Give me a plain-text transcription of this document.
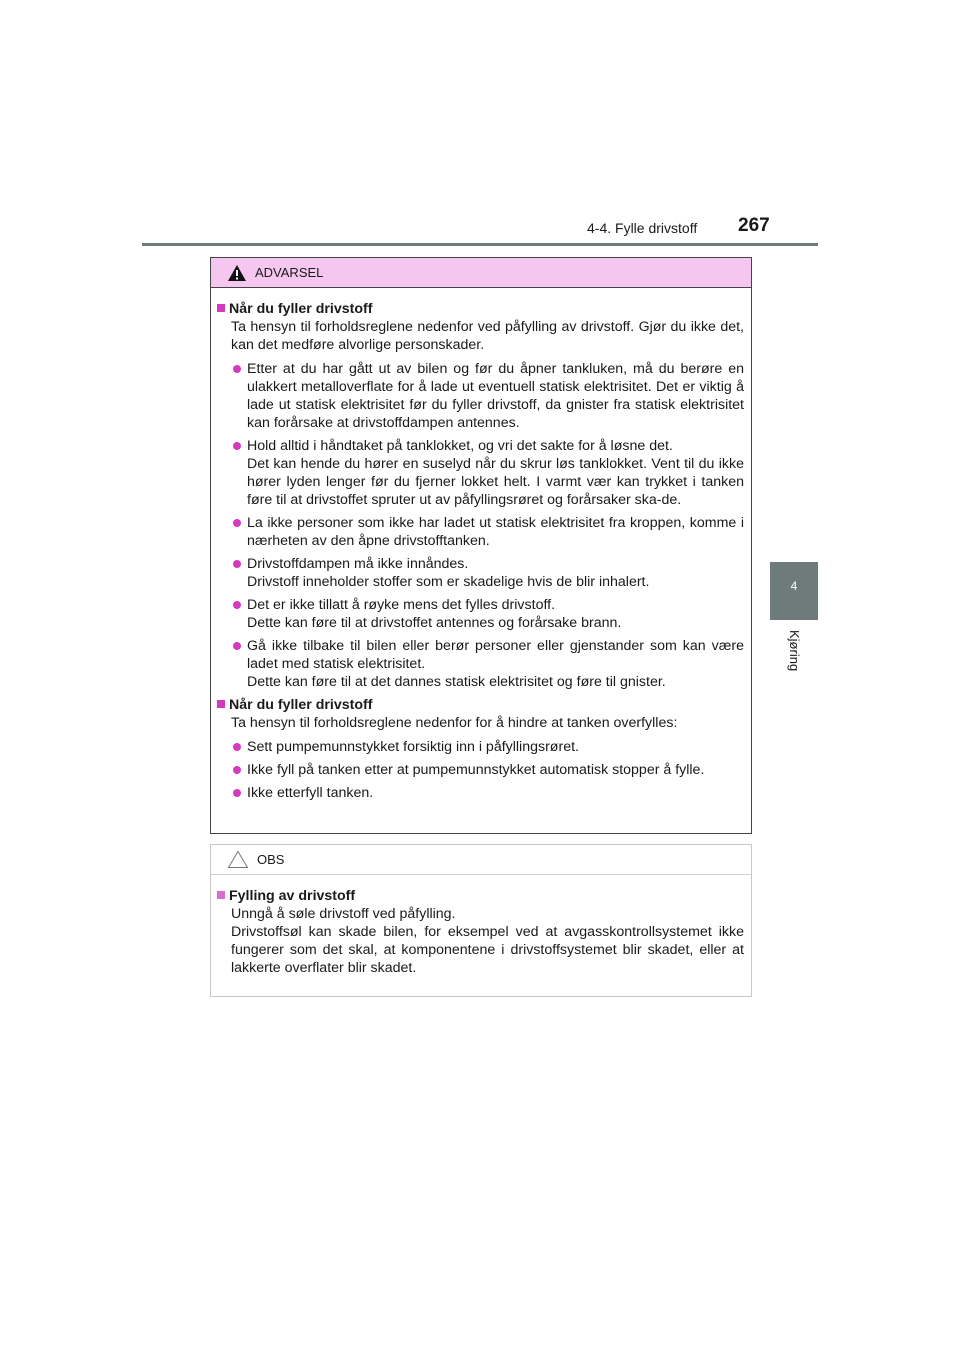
4-4. Fylle drivstoff 267
4
Kjøring
ADVARSEL
Når du fyller drivstoff
Ta hensyn til forholdsreglene nedenfor ved påfylling av drivstoff. Gjør du ikke det, kan det medføre alvorlige personskader.
Etter at du har gått ut av bilen og før du åpner tankluken, må du berøre en ulakkert metalloverflate for å lade ut eventuell statisk elektrisitet. Det er viktig å lade ut statisk elektrisitet før du fyller drivstoff, da gnister fra statisk elektrisitet kan forårsake at drivstoffdampen antennes.
Hold alltid i håndtaket på tanklokket, og vri det sakte for å løsne det.
Det kan hende du hører en suselyd når du skrur løs tanklokket. Vent til du ikke hører lyden lenger før du fjerner lokket helt. I varmt vær kan trykket i tanken føre til at drivstoffet spruter ut av påfyllingsrøret og forårsaker ska-de.
La ikke personer som ikke har ladet ut statisk elektrisitet fra kroppen, komme i nærheten av den åpne drivstofftanken.
Drivstoffdampen må ikke innåndes.
Drivstoff inneholder stoffer som er skadelige hvis de blir inhalert.
Det er ikke tillatt å røyke mens det fylles drivstoff.
Dette kan føre til at drivstoffet antennes og forårsake brann.
Gå ikke tilbake til bilen eller berør personer eller gjenstander som kan være ladet med statisk elektrisitet.
Dette kan føre til at det dannes statisk elektrisitet og føre til gnister.
Når du fyller drivstoff
Ta hensyn til forholdsreglene nedenfor for å hindre at tanken overfylles:
Sett pumpemunnstykket forsiktig inn i påfyllingsrøret.
Ikke fyll på tanken etter at pumpemunnstykket automatisk stopper å fylle.
Ikke etterfyll tanken.
OBS
Fylling av drivstoff
Unngå å søle drivstoff ved påfylling.
Drivstoffsøl kan skade bilen, for eksempel ved at avgasskontrollsystemet ikke fungerer som det skal, at komponentene i drivstoffsystemet blir skadet, eller at lakkerte overflater blir skadet.
